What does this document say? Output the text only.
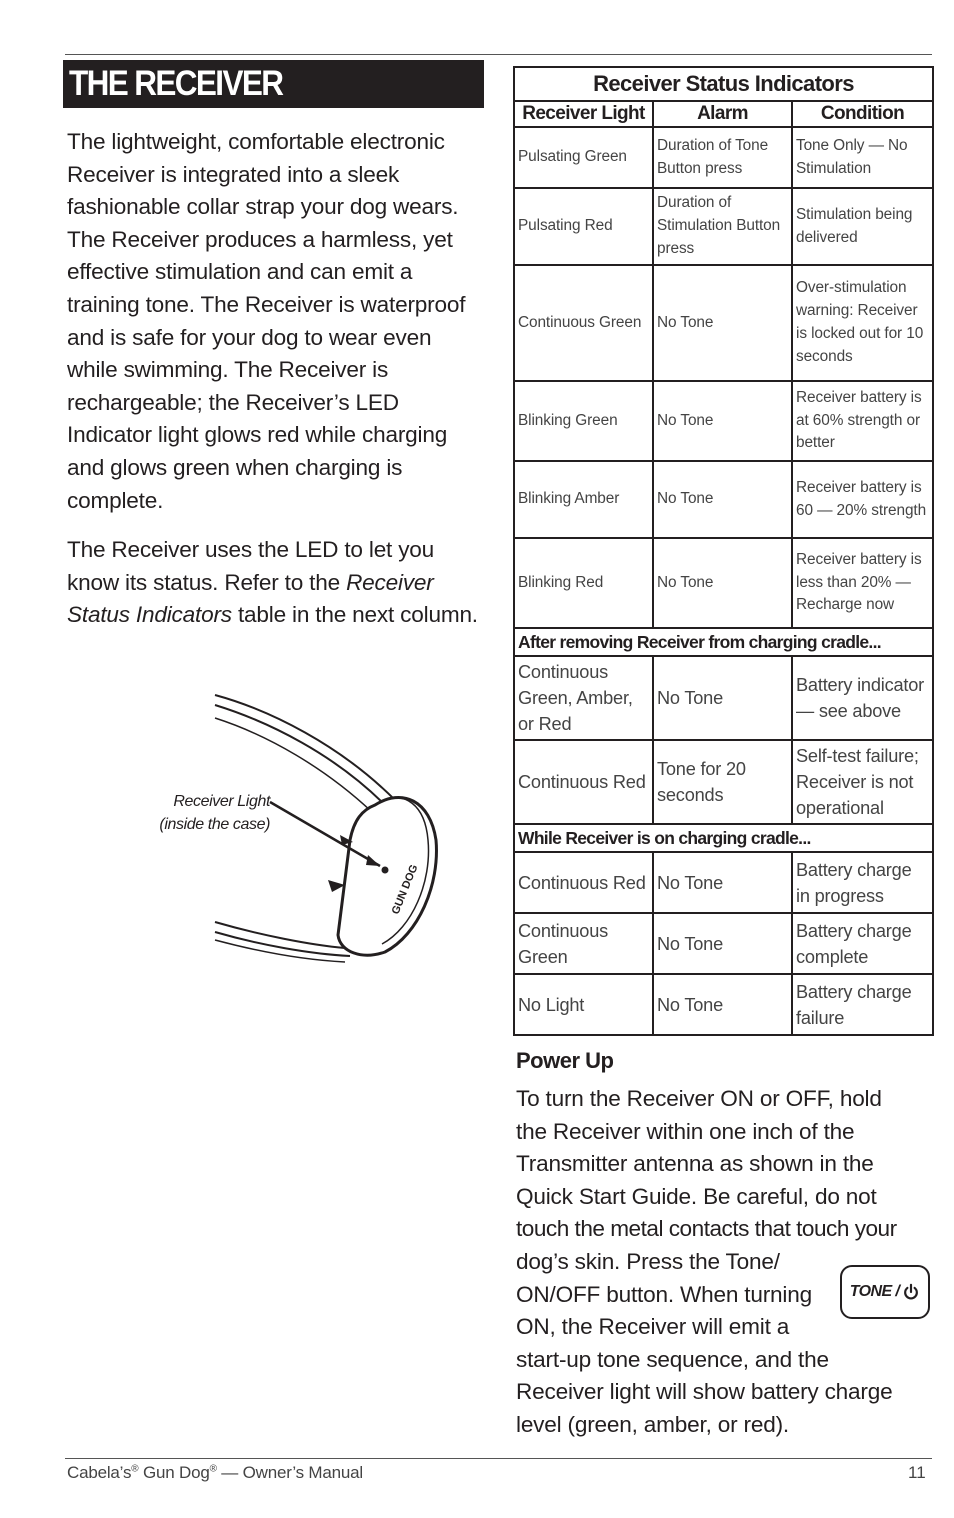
THE RECEIVER
The lightweight, comfortable electronic Receiver is integrated into a sleek fashionable collar strap your dog wears. The Receiver produces a harmless, yet effective stimulation and can emit a training tone. The Receiver is waterproof and is safe for your dog to wear even while swimming. The Receiver is rechargeable; the Receiver’s LED Indicator light glows red while charging and glows green when charging is complete.
The Receiver uses the LED to let you know its status. Refer to the Receiver Status Indicators table in the next column.
GUN DOG
Receiver Light
(inside the case)
Receiver Status Indicators		
Receiver Light	Alarm	Condition
Pulsating Green	Duration of Tone Button press	Tone Only — No Stimulation
Pulsating Red	Duration of Stimulation Button press	Stimulation being delivered
Continuous Green	No Tone	Over-stimulation warning: Receiver is locked out for 10 seconds
Blinking Green	No Tone	Receiver battery is at 60% strength or better
Blinking Amber	No Tone	Receiver battery is 60 — 20% strength
Blinking Red	No Tone	Receiver battery is less than 20% — Recharge now
After removing Receiver from charging cradle...		
Continuous Green, Amber, or Red	No Tone	Battery indicator — see above
Continuous Red	Tone for 20 seconds	Self-test failure; Receiver is not operational
While Receiver is on charging cradle...		
Continuous Red	No Tone	Battery charge in progress
Continuous Green	No Tone	Battery charge complete
No Light	No Tone	Battery charge failure
Power Up
To turn the Receiver ON or OFF, hold
the Receiver within one inch of the
Transmitter antenna as shown in the
Quick Start Guide. Be careful, do not
touch the metal contacts that touch your
dog’s skin. Press the Tone/
ON/OFF button. When turning
ON, the Receiver will emit a
start-up tone sequence, and the
Receiver light will show battery charge
level (green, amber, or red).
TONE /
Cabela’s® Gun Dog® — Owner’s Manual	11
